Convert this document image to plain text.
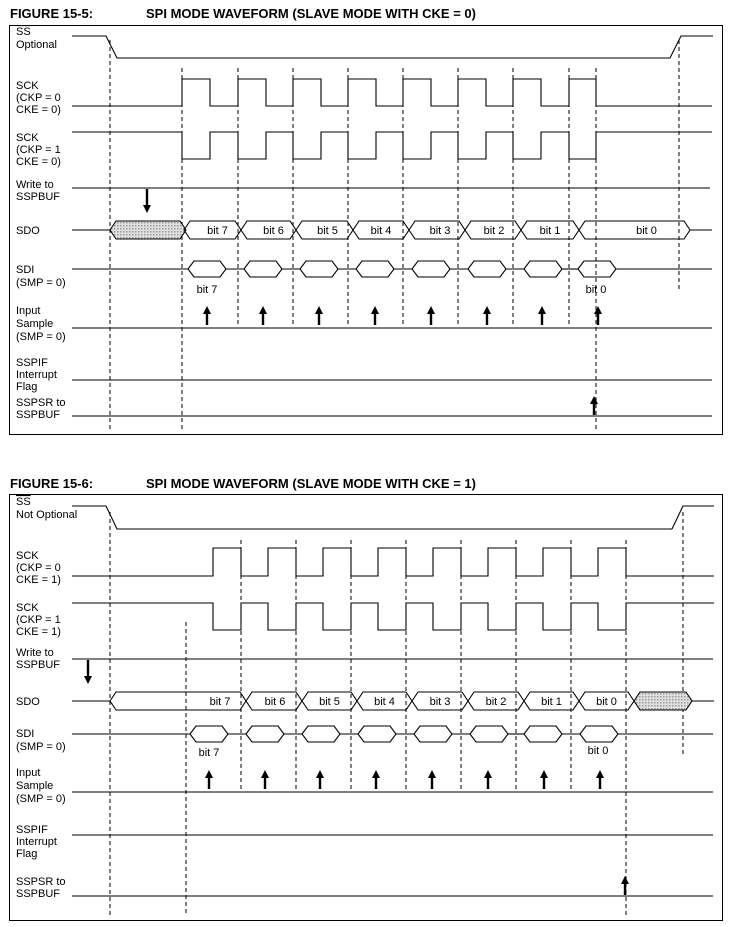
FIGURE 15-5:	SPI MODE WAVEFORM (SLAVE MODE WITH CKE = 0)
FIGURE 15-6:	SPI MODE WAVEFORM (SLAVE MODE WITH CKE = 1)
SS
Optional
SCK
(CKP = 0
CKE = 0)
SCK
(CKP = 1
CKE = 0)
Write to
SSPBUF
SDO
SDI
(SMP = 0)
Input
Sample
(SMP = 0)
SSPIF
Interrupt
Flag
SSPSR to
SSPBUF
bit 7	bit 6	bit 5	bit 4	bit 3	bit 2	bit 1	bit 0
bit 7	bit 0
SS
Not Optional
SCK
(CKP = 0
CKE = 1)
SCK
(CKP = 1
CKE = 1)
Write to
SSPBUF
SDO
SDI
(SMP = 0)
Input
Sample
(SMP = 0)
SSPIF
Interrupt
Flag
SSPSR to
SSPBUF
bit 7	bit 6	bit 5	bit 4	bit 3	bit 2	bit 1	bit 0
bit 7	bit 0
